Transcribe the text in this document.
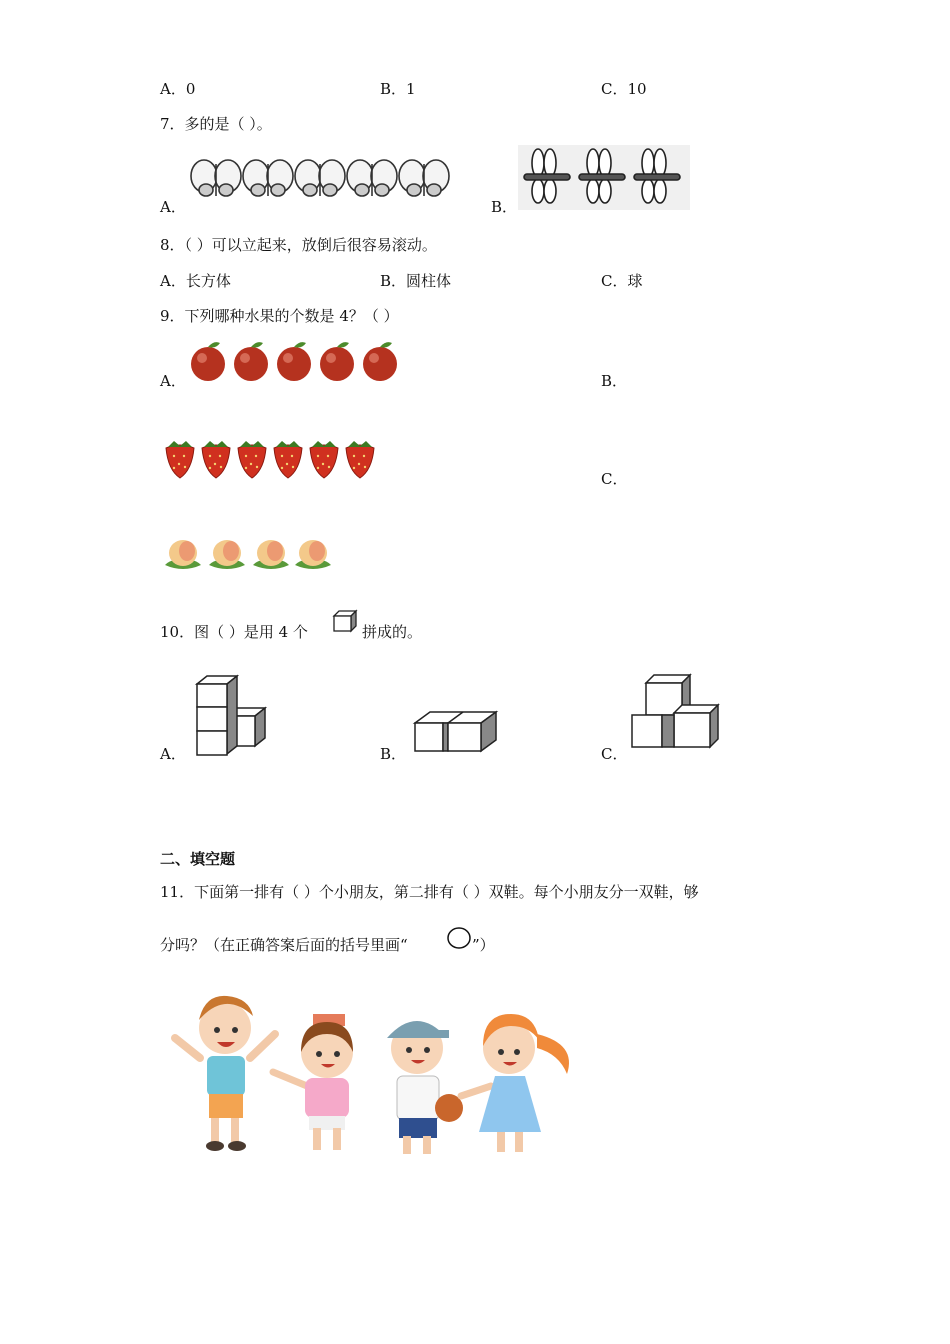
A．0	B．1	C．10
7．多的是（ ）。
A．	B．
8．（ ）可以立起来，放倒后很容易滚动。
A．长方体	B．圆柱体	C．球
9．下列哪种水果的个数是 4？（ ）
A．	B．
C．
10．图（ ）是用 4 个	拼成的。
A．	B．	C．
二、填空题
11．下面第一排有（ ）个小朋友，第二排有（ ）双鞋。每个小朋友分一双鞋，够
分吗？（在正确答案后面的括号里画“	”）
